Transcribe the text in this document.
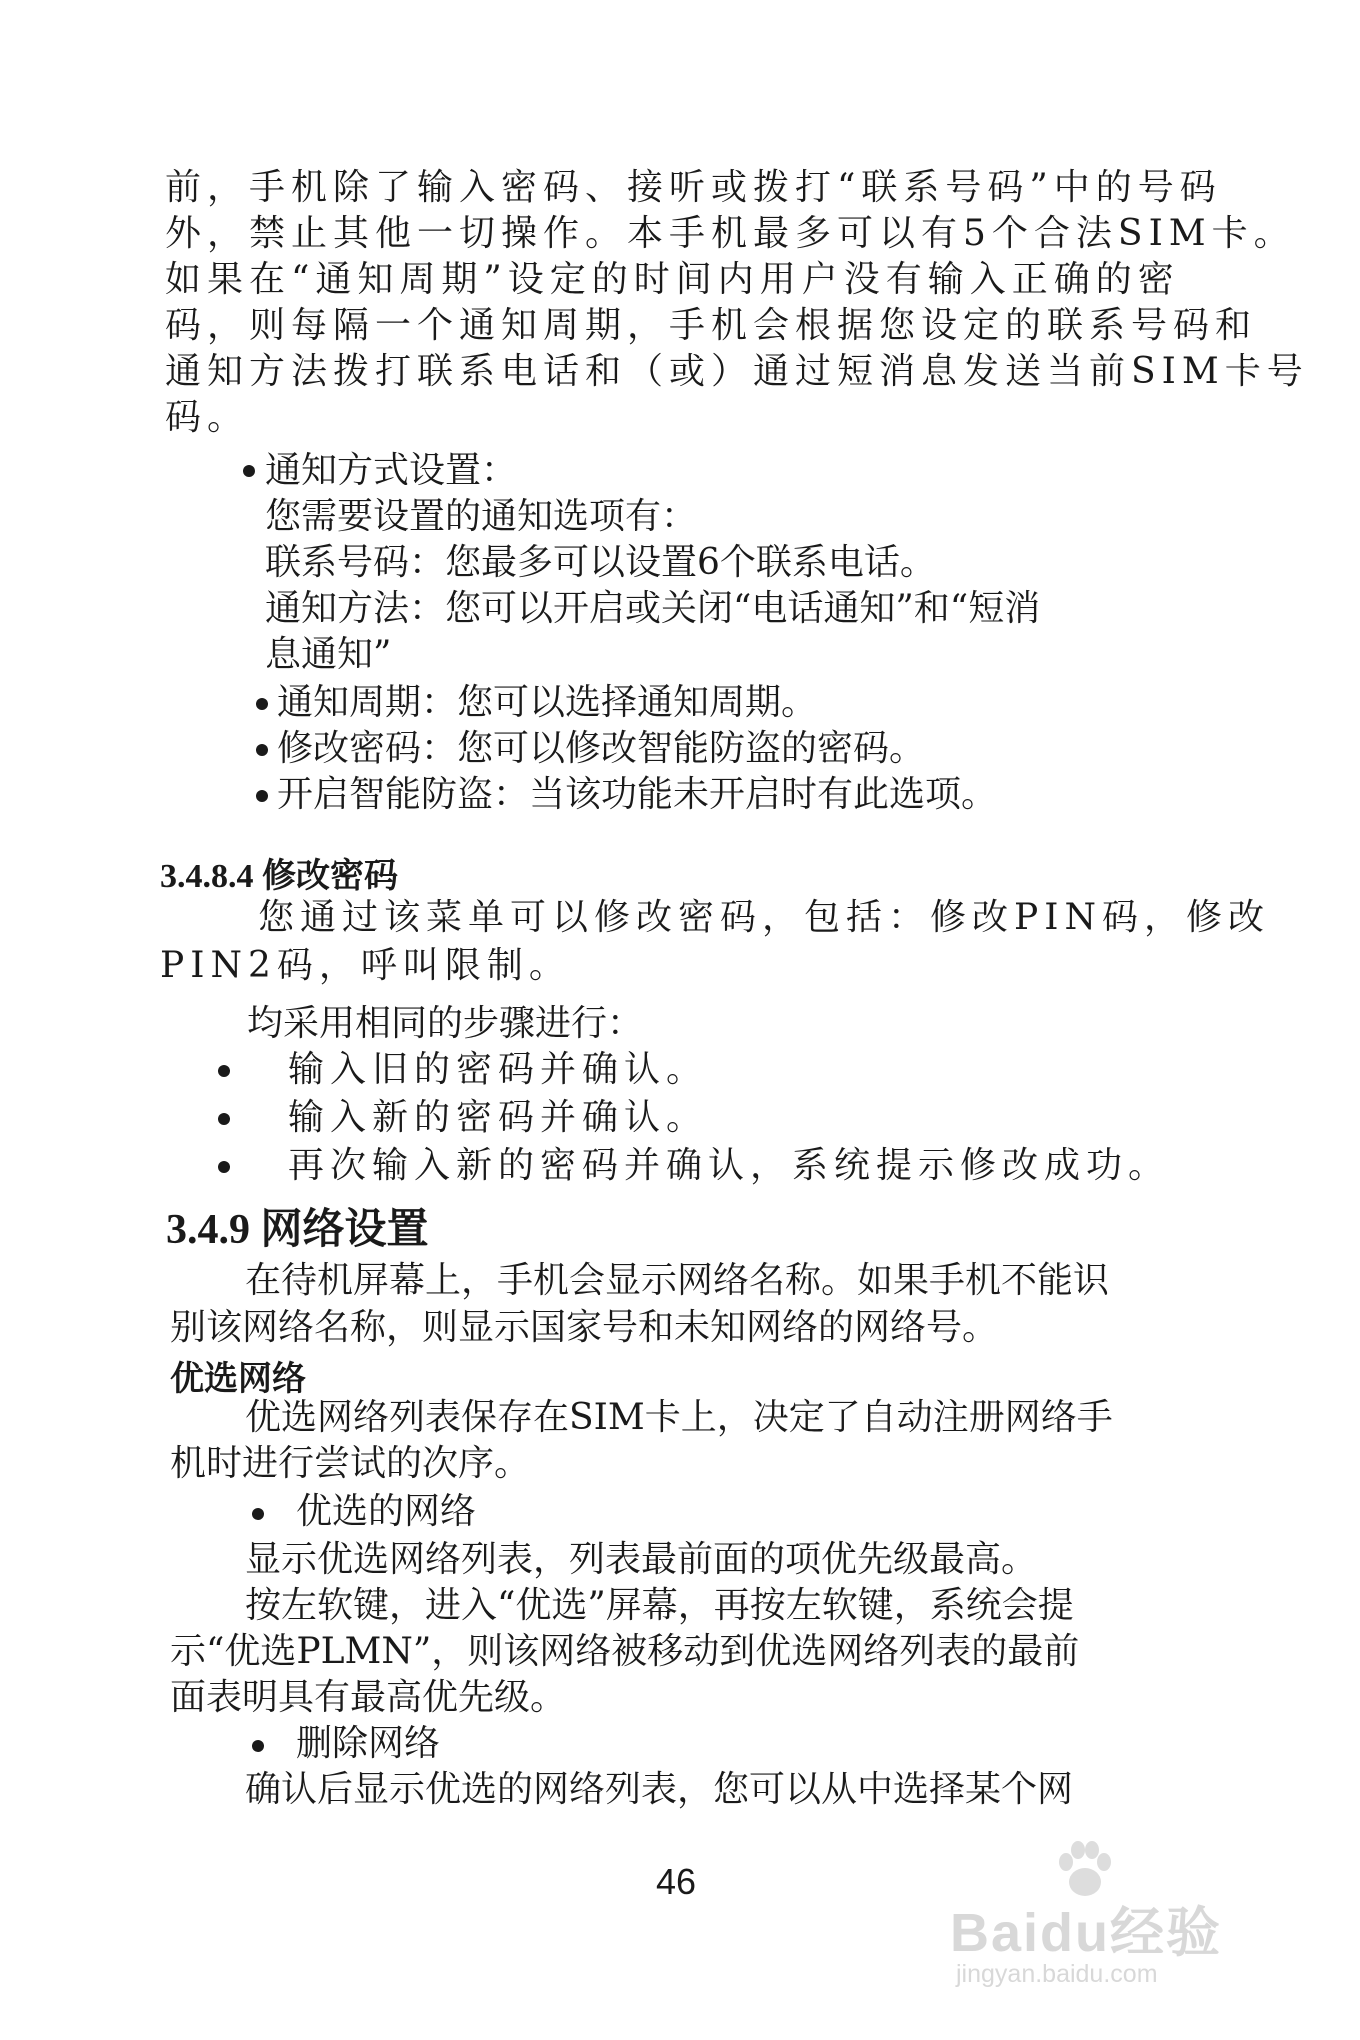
前，手机除了输入密码、接听或拨打“联系号码”中的号码
外，禁止其他一切操作。本手机最多可以有5个合法SIM卡。
如果在“通知周期”设定的时间内用户没有输入正确的密
码，则每隔一个通知周期，手机会根据您设定的联系号码和
通知方法拨打联系电话和（或）通过短消息发送当前SIM卡号
码。
通知方式设置：
您需要设置的通知选项有：
联系号码：您最多可以设置6个联系电话。
通知方法：您可以开启或关闭“电话通知”和“短消
息通知”
通知周期：您可以选择通知周期。
修改密码：您可以修改智能防盗的密码。
开启智能防盗：当该功能未开启时有此选项。
3.4.8.4 修改密码
您通过该菜单可以修改密码，包括：修改PIN码，修改
PIN2码，呼叫限制。
均采用相同的步骤进行：
输入旧的密码并确认。
输入新的密码并确认。
再次输入新的密码并确认，系统提示修改成功。
3.4.9 网络设置
在待机屏幕上，手机会显示网络名称。如果手机不能识
别该网络名称，则显示国家号和未知网络的网络号。
优选网络
优选网络列表保存在SIM卡上，决定了自动注册网络手
机时进行尝试的次序。
优选的网络
显示优选网络列表，列表最前面的项优先级最高。
按左软键，进入“优选”屏幕，再按左软键，系统会提
示“优选PLMN”，则该网络被移动到优选网络列表的最前
面表明具有最高优先级。
删除网络
确认后显示优选的网络列表，您可以从中选择某个网
46
Baidu经验
jingyan.baidu.com
